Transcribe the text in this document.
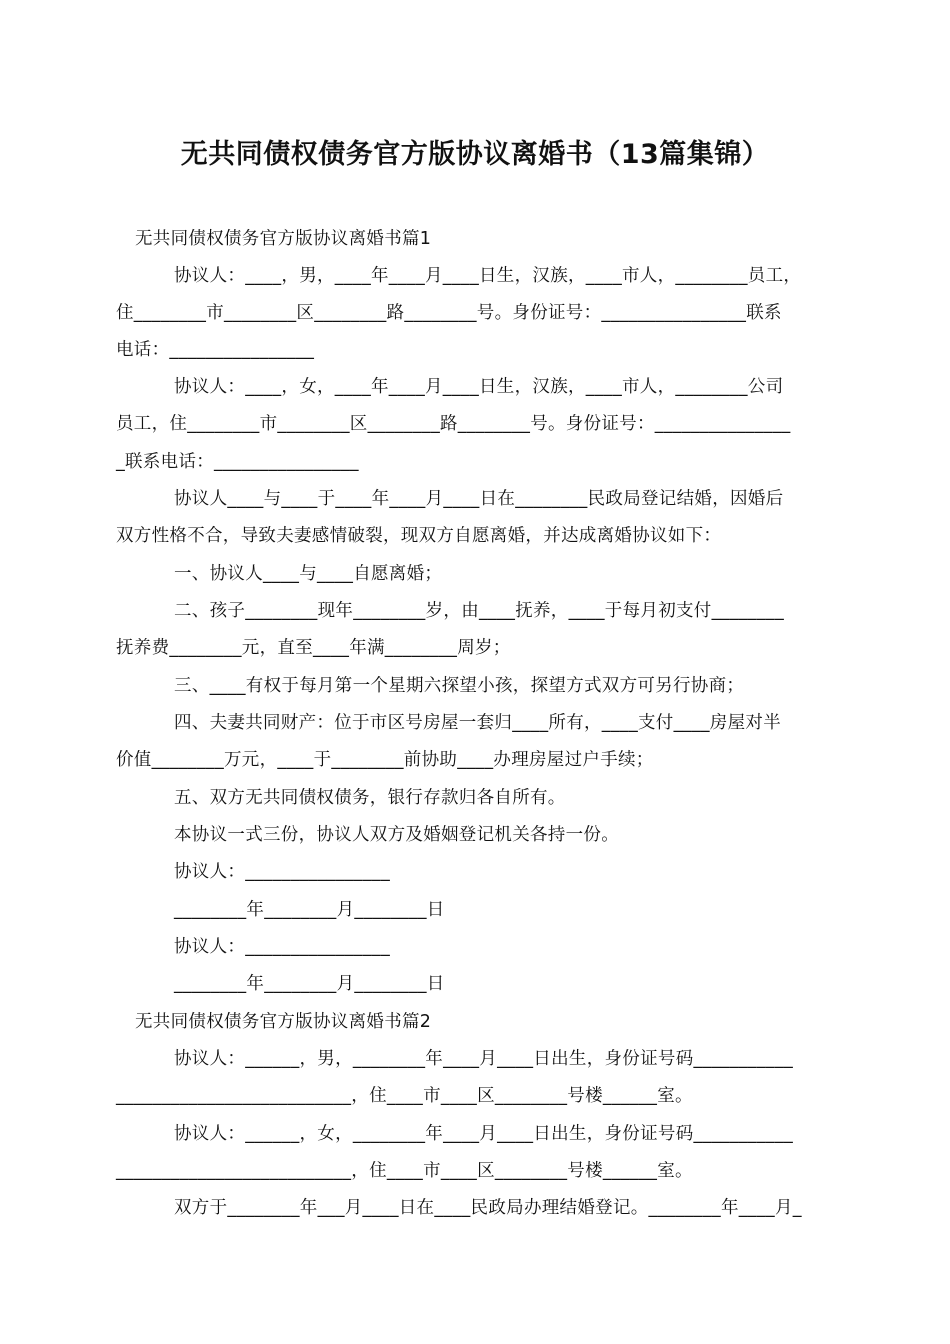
无共同债权债务官方版协议离婚书（13篇集锦）
无共同债权债务官方版协议离婚书篇1
协议人：____，男，____年____月____日生，汉族，____市人，________员工，
住________市________区________路________号。身份证号：________________联系
电话：________________
协议人：____，女，____年____月____日生，汉族，____市人，________公司
员工，住________市________区________路________号。身份证号：_______________
_联系电话：________________
协议人____与____于____年____月____日在________民政局登记结婚，因婚后
双方性格不合，导致夫妻感情破裂，现双方自愿离婚，并达成离婚协议如下：
一、协议人____与____自愿离婚；
二、孩子________现年________岁，由____抚养，____于每月初支付________
抚养费________元，直至____年满________周岁；
三、____有权于每月第一个星期六探望小孩，探望方式双方可另行协商；
四、夫妻共同财产：位于市区号房屋一套归____所有，____支付____房屋对半
价值________万元，____于________前协助____办理房屋过户手续；
五、双方无共同债权债务，银行存款归各自所有。
本协议一式三份，协议人双方及婚姻登记机关各持一份。
协议人：________________
________年________月________日
协议人：________________
________年________月________日
无共同债权债务官方版协议离婚书篇2
协议人：______，男，________年____月____日出生，身份证号码___________
__________________________，住____市____区________号楼______室。
协议人：______，女，________年____月____日出生，身份证号码___________
__________________________，住____市____区________号楼______室。
双方于________年___月____日在____民政局办理结婚登记。________年____月_
